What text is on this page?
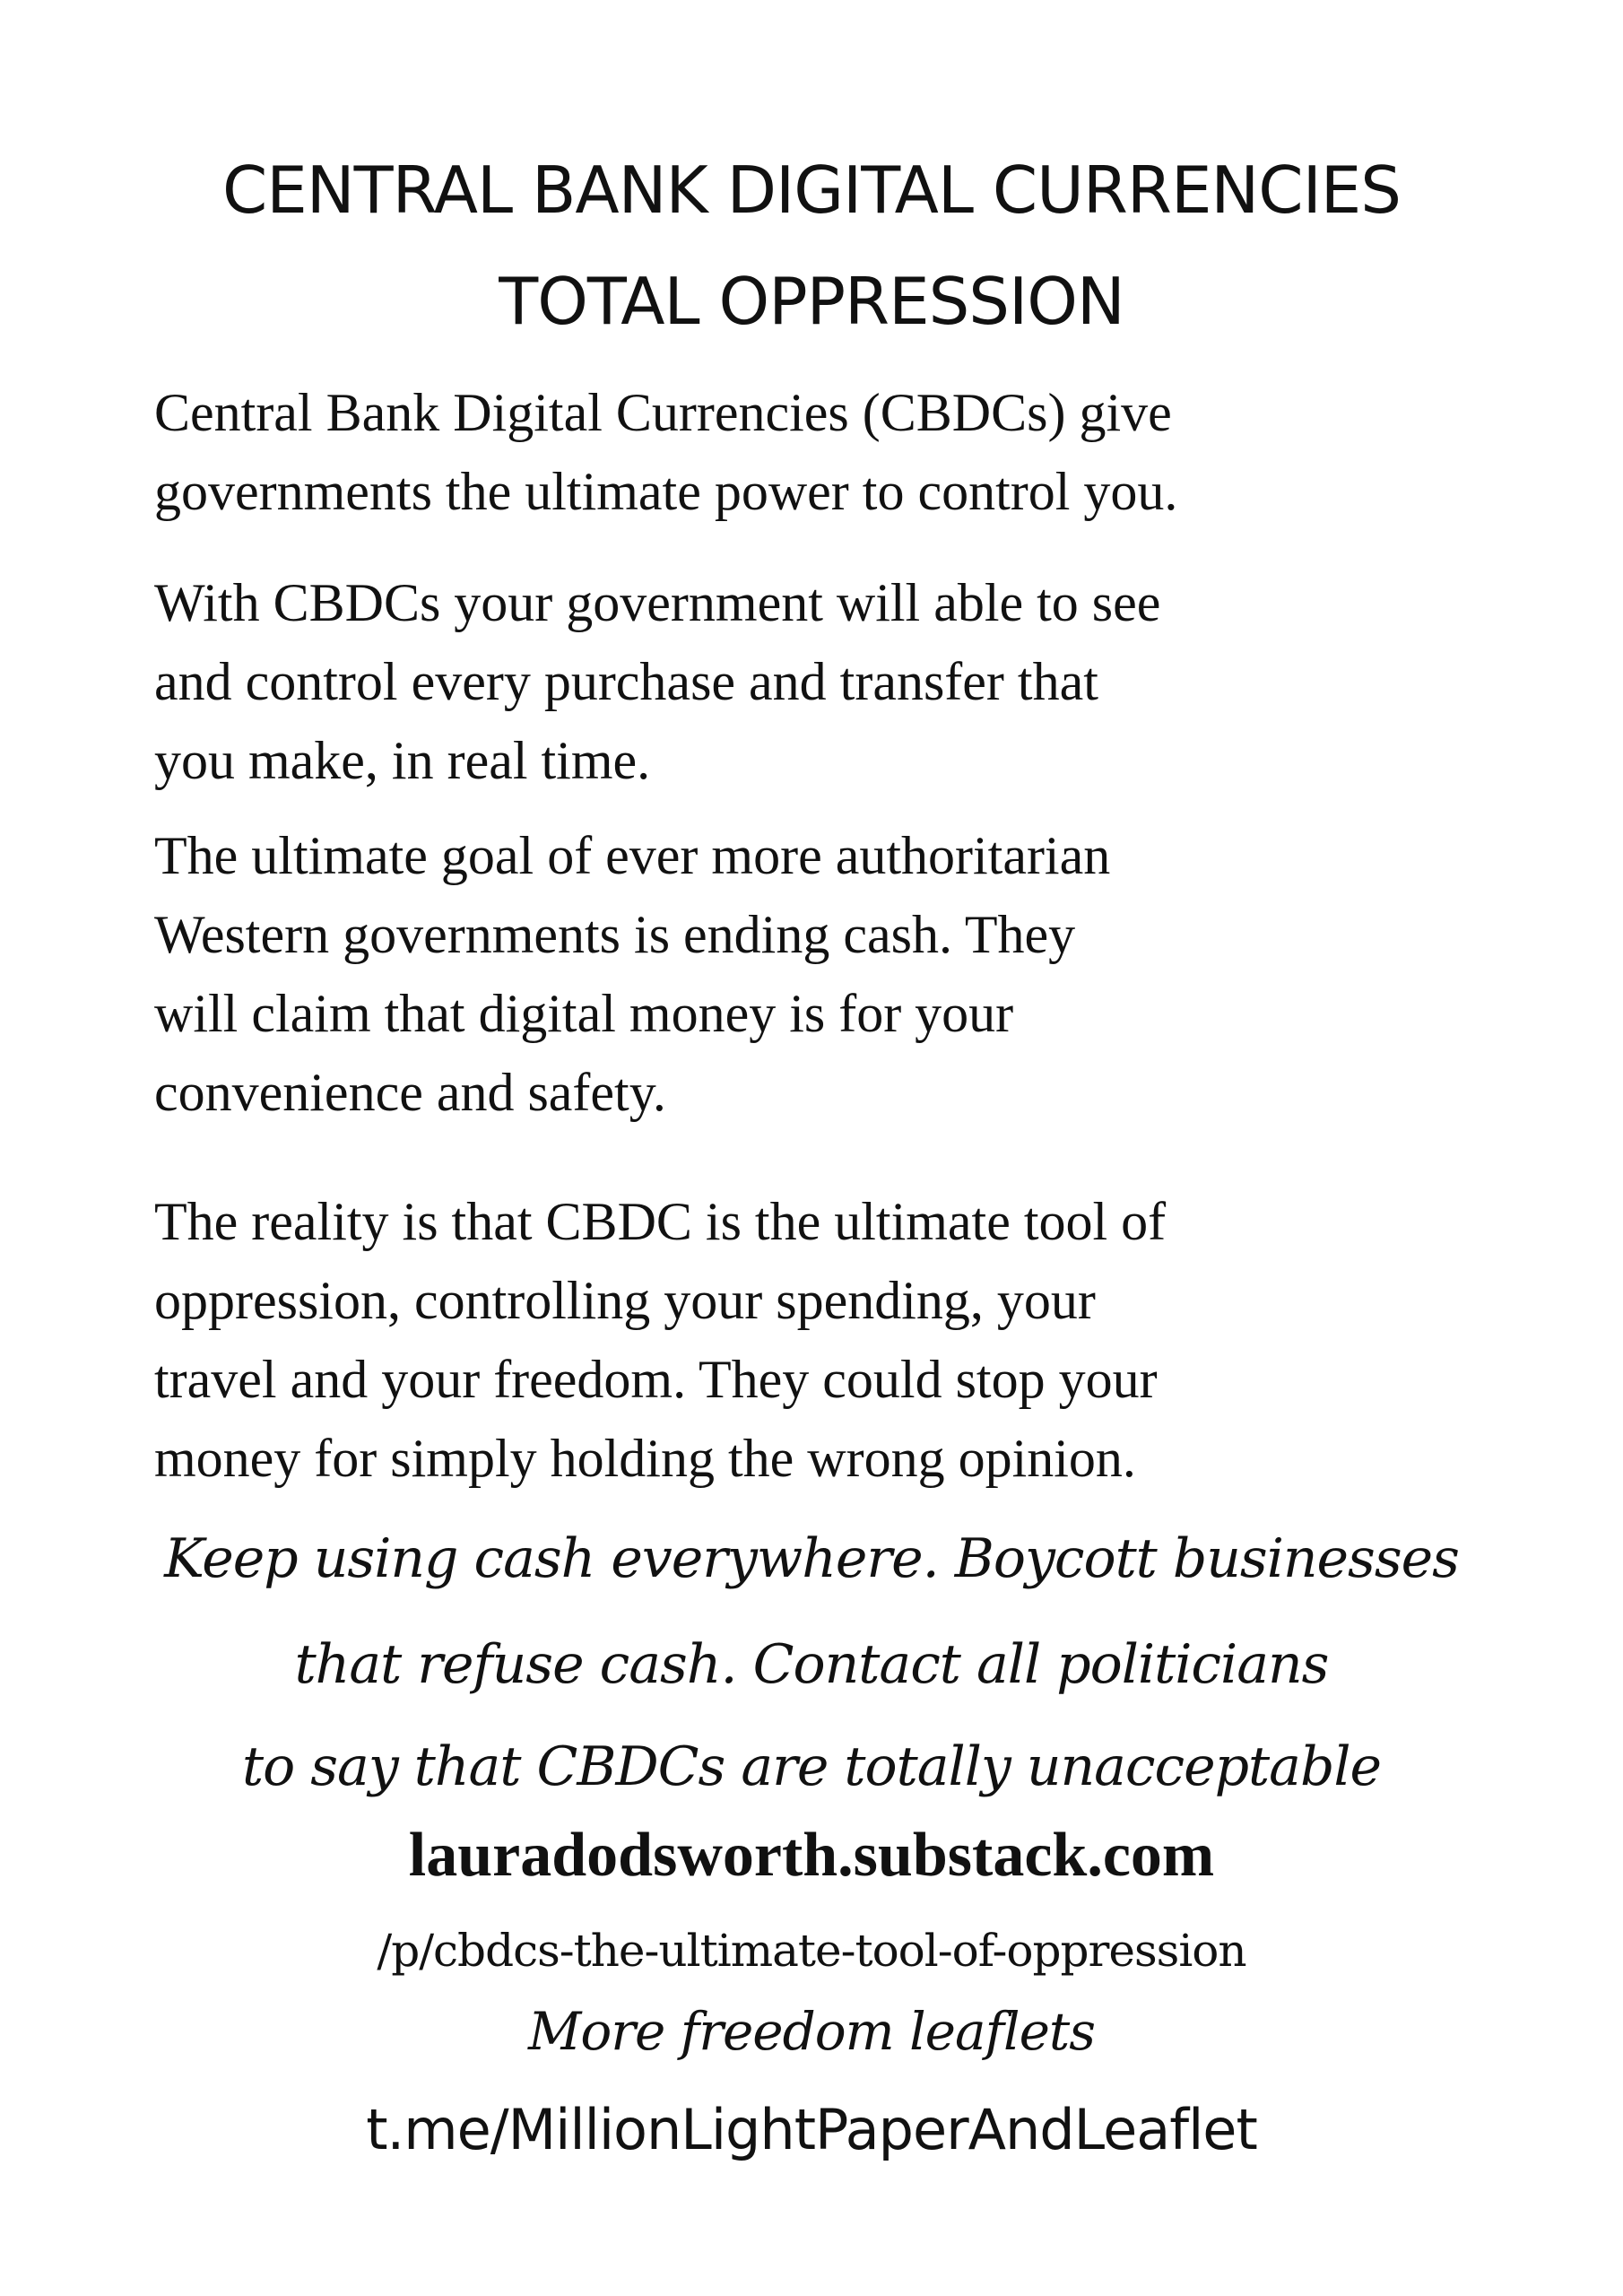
CENTRAL BANK DIGITAL CURRENCIES
TOTAL OPPRESSION

Central Bank Digital Currencies (CBDCs) give
governments the ultimate power to control you.

With CBDCs your government will able to see
and control every purchase and transfer that
you make, in real time.

The ultimate goal of ever more authoritarian
Western governments is ending cash. They
will claim that digital money is for your
convenience and safety.

The reality is that CBDC is the ultimate tool of
oppression, controlling your spending, your
travel and your freedom. They could stop your
money for simply holding the wrong opinion.

Keep using cash everywhere. Boycott businesses
that refuse cash. Contact all politicians
to say that CBDCs are totally unacceptable
lauradodsworth.substack.com
/p/cbdcs-the-ultimate-tool-of-oppression
More freedom leaflets
t.me/MillionLightPaperAndLeaflet
